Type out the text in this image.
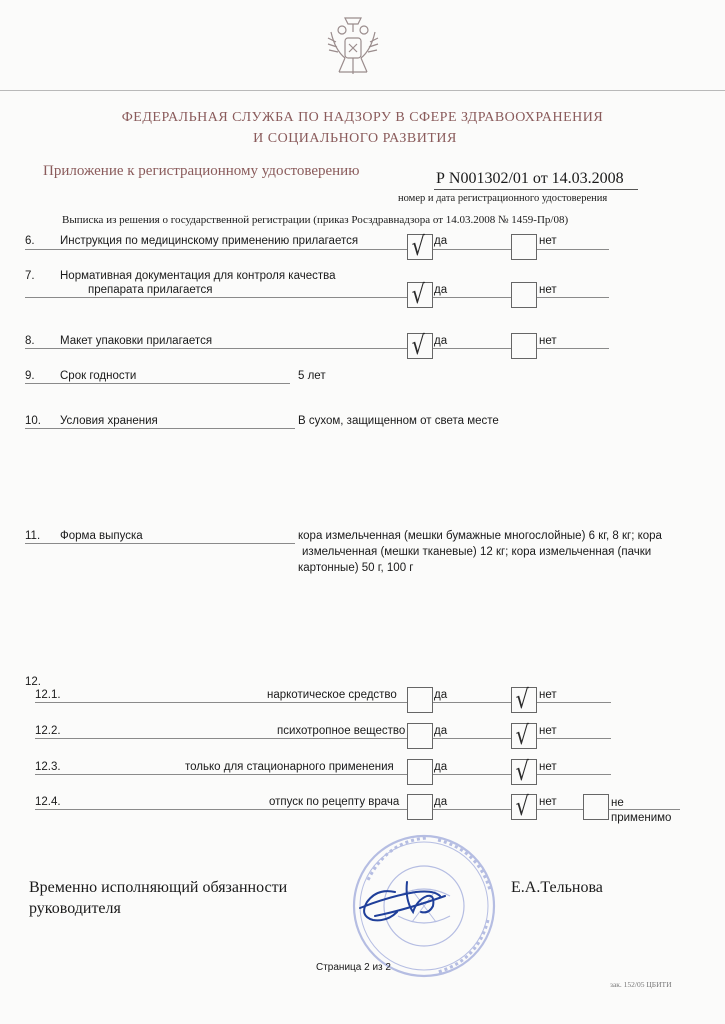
ФЕДЕРАЛЬНАЯ СЛУЖБА ПО НАДЗОРУ В СФЕРЕ ЗДРАВООХРАНЕНИЯ
И СОЦИАЛЬНОГО РАЗВИТИЯ
Приложение к регистрационному удостоверению	Р N001302/01 от 14.03.2008
номер и дата регистрационного удостоверения
Выписка из решения о государственной регистрации (приказ Росздравнадзора от 14.03.2008 № 1459-Пр/08)
6. Инструкция по медицинскому применению прилагается √ да	нет
7. Нормативная документация для контроля качества
препарата прилагается	√ да	нет
8. Макет упаковки прилагается	√ да	нет
9. Срок годности	5 лет
10. Условия хранения	В сухом, защищенном от света месте
11. Форма выпуска	кора измельченная (мешки бумажные многослойные) 6 кг, 8 кг; кора
измельченная (мешки тканевые) 12 кг; кора измельченная (пачки
картонные) 50 г, 100 г
12.
12.1.	наркотическое средство	да	√ нет
12.2.	психотропное вещество да	√ нет
12.3.	только для стационарного применения	да	√ нет
12.4.	отпуск по рецепту врача	да	√ нет	не
применимо
Временно исполняющий обязанности
руководителя
Е.А.Тельнова
Страница 2 из 2
зак. 152/05 ЦБИТИ
